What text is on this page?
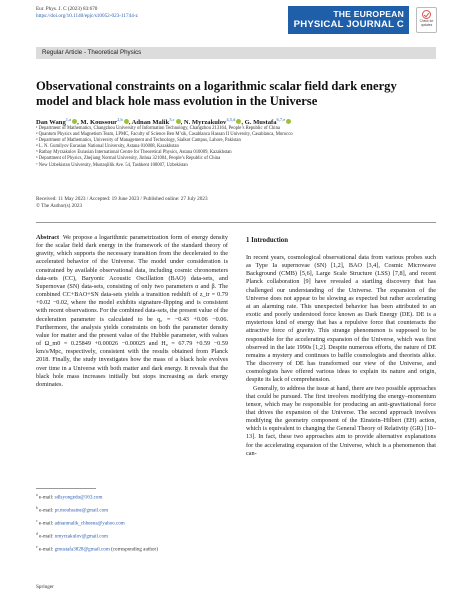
Eur. Phys. J. C (2023) 83:670
https://doi.org/10.1140/epjc/s10052-023-11744-z	THE EUROPEAN
PHYSICAL JOURNAL C	Check for updates
Regular Article - Theoretical Physics
Observational constraints on a logarithmic scalar field dark energy model and black hole mass evolution in the Universe
Dan Wang$^{1,a}$ , M. Koussour$^{2,b}$ , Adnan Malik$^{3,c}$ , N. Myrzakulov$^{4,5,d}$ , G. Mustafa$^{6,7,e}$
¹ Department of Mathematics, Changzhou University of Information Technology, Changzhou 213164, People’s Republic of China
² Quantum Physics and Magnetism Team, LPMC, Faculty of Science Ben M’sik, Casablanca Hassan II University, Casablanca, Morocco
³ Department of Mathematics, University of Management and Technology, Sialkot Campus, Lahore, Pakistan
⁴ L. N. Gumilyov Eurasian National University, Astana 010008, Kazakhstan
⁵ Ratbay Myrzakulov Eurasian International Centre for Theoretical Physics, Astana 010009, Kazakhstan
⁶ Department of Physics, Zhejiang Normal University, Jinhua 321004, People’s Republic of China
⁷ New Uzbekistan University, Mustaqillik Ave. 54, Tashkent 100007, Uzbekistan
Received: 11 May 2023 / Accepted: 19 June 2023 / Published online: 27 July 2023
© The Author(s) 2023
Abstract We propose a logarithmic parametrization form of energy density for the scalar field dark energy in the framework of the standard theory of gravity, which supports the necessary transition from the decelerated to the accelerated behavior of the Universe. The model under consideration is constrained by available observational data, including cosmic chronometers data-sets (CC), Baryonic Acoustic Oscillation (BAO) data-sets, and Supernovae (SN) data-sets, consisting of only two parameters α and β. The combined CC+BAO+SN data-sets yields a transition redshift of z_tr = 0.79 +0.02 −0.02, where the model exhibits signature-flipping and is consistent with recent observations. For the combined data-sets, the present value of the deceleration parameter is calculated to be q₀ = −0.43 +0.06 −0.06. Furthermore, the analysis yields constraints on both the parameter density value for matter and the present value of the Hubble parameter, with values of Ω_m0 = 0.25849 +0.00026 −0.00025 and H₀ = 67.79 +0.59 −0.59 km/s/Mpc, respectively, consistent with the results obtained from Planck 2018. Finally, the study investigates how the mass of a black hole evolves over time in a Universe with both matter and dark energy. It reveals that the black hole mass increases initially but stops increasing as dark energy dominates.
1 Introduction

In recent years, cosmological observational data from various probes such as Type Ia supernovae (SN) [1,2], BAO [3,4], Cosmic Microwave Background (CMB) [5,6], Large Scale Structure (LSS) [7,8], and recent Planck collaboration [9] have revealed a startling discovery that has challenged our understanding of the Universe. The expansion of the Universe does not appear to be slowing as expected but rather accelerating at an alarming rate. This unexpected behavior has been attributed to an exotic and poorly understood force known as Dark Energy (DE). DE is a mysterious kind of energy that has a repulsive force that counteracts the attractive force of gravity. This strange phenomenon is supposed to be responsible for the accelerating expansion of the Universe, which was first observed in the late 1990s [1,2]. Despite numerous efforts, the nature of DE remains a mystery and continues to baffle cosmologists and theorists alike. The discovery of DE has transformed our view of the Universe, and cosmologists have offered various ideas to explain its nature and origin, despite its lack of comprehension.

Generally, to address the issue at hand, there are two possible approaches that could be pursued. The first involves modifying the energy–momentum tensor, which may be responsible for producing an anti-gravitational force that drives the expansion of the Universe. The second approach involves modifying the geometry component of the Einstein–Hilbert (EH) action, which is equivalent to changing the General Theory of Relativity (GR) [10–13]. In fact, these two approaches aim to provide alternative explanations for the accelerating expansion of the Universe, which is a phenomenon that can-

$^a$ e-mail: sdlsyongedu@163.com
$^b$ e-mail: pr.mouhssine@gmail.com
$^c$ e-mail: adnanmalik_chheena@yahoo.com
$^d$ e-mail: nmyrzakulov@gmail.com
$^e$ e-mail: gmustafa3828@gmail.com (corresponding author)
Springer
